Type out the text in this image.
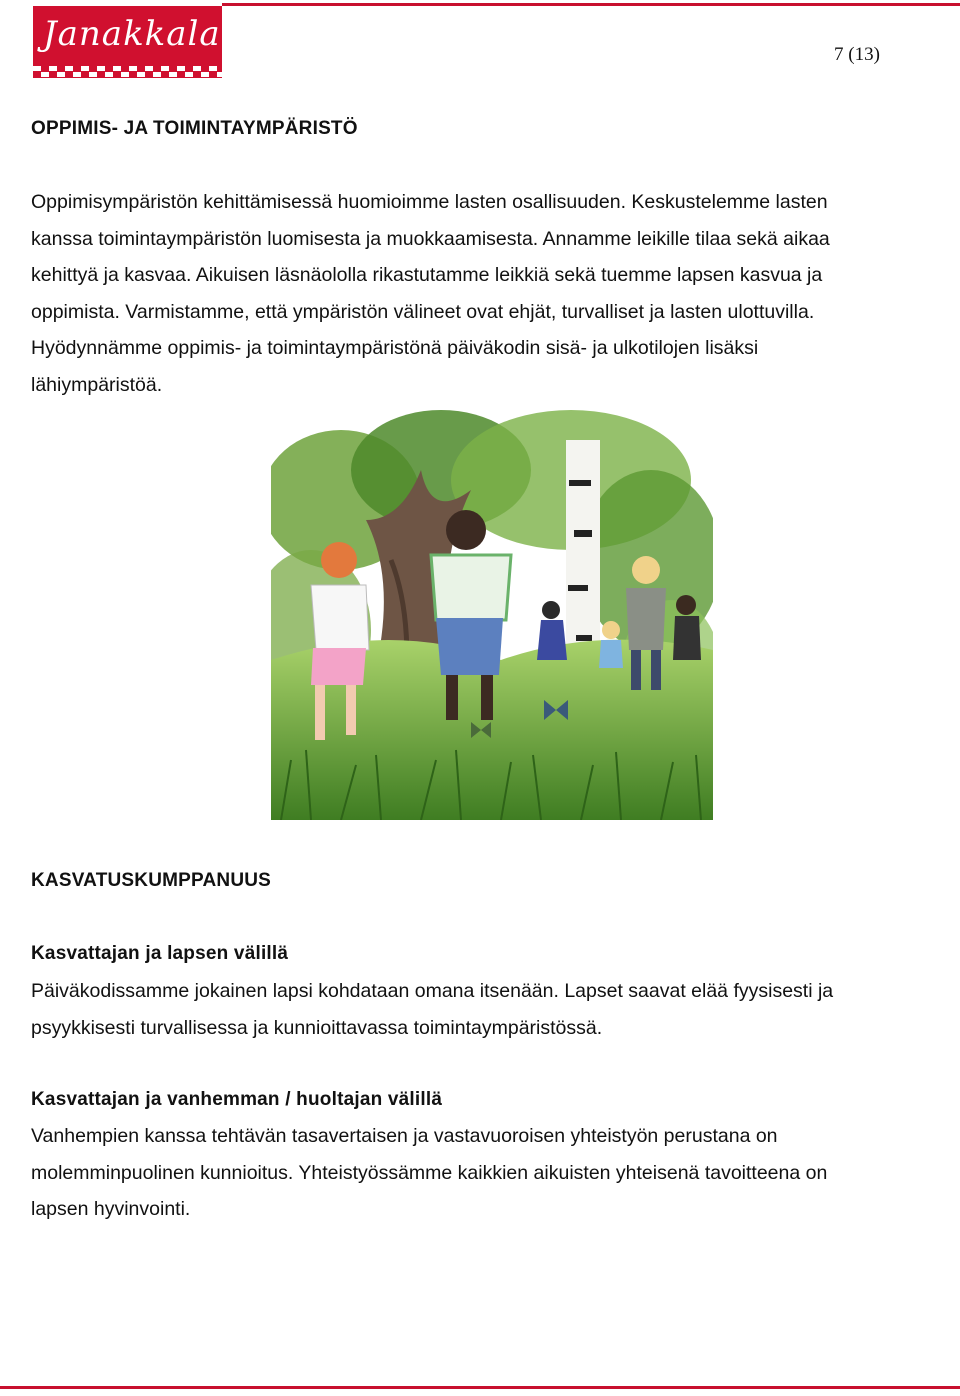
Janakkala
7 (13)
OPPIMIS- JA TOIMINTAYMPÄRISTÖ

Oppimisympäristön kehittämisessä huomioimme lasten osallisuuden. Keskustelemme lasten

kanssa toimintaympäristön luomisesta ja muokkaamisesta. Annamme leikille tilaa sekä aikaa

kehittyä ja kasvaa. Aikuisen läsnäololla rikastutamme leikkiä sekä tuemme lapsen kasvua ja

oppimista. Varmistamme, että ympäristön välineet ovat ehjät, turvalliset ja lasten ulottuvilla.

Hyödynnämme oppimis- ja toimintaympäristönä päiväkodin sisä- ja ulkotilojen lisäksi

lähiympäristöä.

KASVATUSKUMPPANUUS
Kasvattajan ja lapsen välillä

Päiväkodissamme jokainen lapsi kohdataan omana itsenään. Lapset saavat elää fyysisesti ja

psyykkisesti turvallisessa ja kunnioittavassa toimintaympäristössä.

Kasvattajan ja vanhemman / huoltajan välillä

Vanhempien kanssa tehtävän tasavertaisen ja vastavuoroisen yhteistyön perustana on

molemminpuolinen kunnioitus. Yhteistyössämme kaikkien aikuisten yhteisenä tavoitteena on

lapsen hyvinvointi.
